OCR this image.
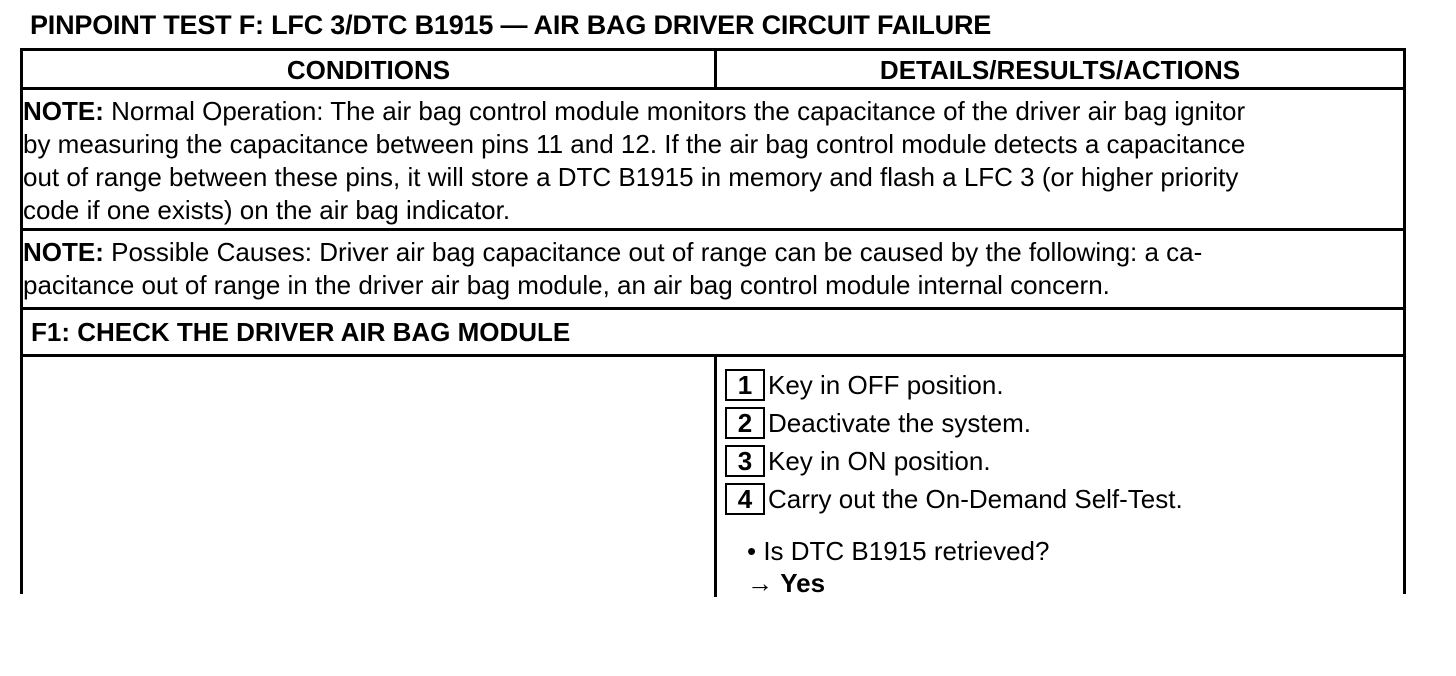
PINPOINT TEST F: LFC 3/DTC B1915 — AIR BAG DRIVER CIRCUIT FAILURE
CONDITIONS	DETAILS/RESULTS/ACTIONS
NOTE: Normal Operation: The air bag control module monitors the capacitance of the driver air bag ignitor
by measuring the capacitance between pins 11 and 12. If the air bag control module detects a capacitance
out of range between these pins, it will store a DTC B1915 in memory and flash a LFC 3 (or higher priority
code if one exists) on the air bag indicator.
NOTE: Possible Causes: Driver air bag capacitance out of range can be caused by the following: a ca-
pacitance out of range in the driver air bag module, an air bag control module internal concern.
F1: CHECK THE DRIVER AIR BAG MODULE
1 Key in OFF position.
2 Deactivate the system.
3 Key in ON position.
4 Carry out the On-Demand Self-Test.
• Is DTC B1915 retrieved?
→ Yes
